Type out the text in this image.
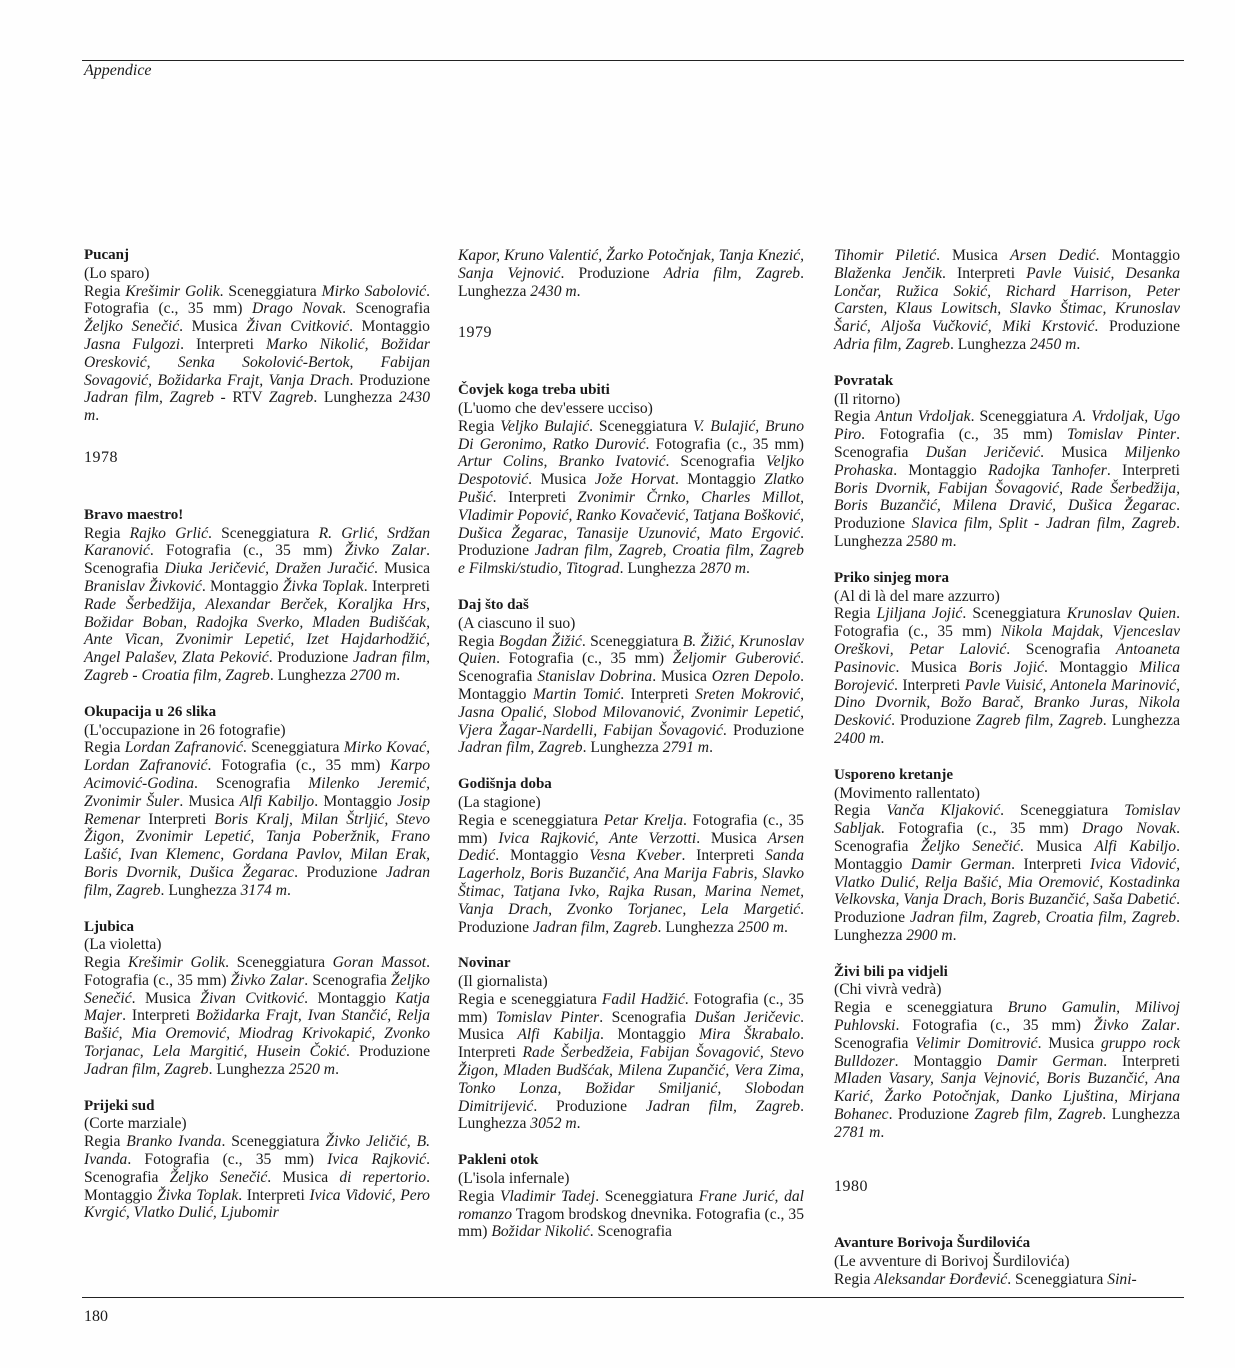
Appendice
Pucanj
(Lo sparo)
Regia Krešimir Golik. Sceneggiatura Mirko Sabolović. Fotografia (c., 35 mm) Drago Novak. Scenografia Željko Senečić. Musica Živan Cvitković. Montaggio Jasna Fulgozi. Interpreti Marko Nikolić, Božidar Oresković, Senka Sokolović-Bertok, Fabijan Sovagović, Božidarka Frajt, Vanja Drach. Produzione Jadran film, Zagreb - RTV Zagreb. Lunghezza 2430 m.
1978
Bravo maestro!
Regia Rajko Grlić. Sceneggiatura R. Grlić, Srdžan Karanović. Fotografia (c., 35 mm) Živko Zalar. Scenografia Diuka Jeričević, Dražen Juračić. Musica Branislav Živković. Montaggio Živka Toplak. Interpreti Rade Šerbedžija, Alexandar Berček, Koraljka Hrs, Božidar Boban, Radojka Sverko, Mladen Budišćak, Ante Vican, Zvonimir Lepetić, Izet Hajdarhodžić, Angel Palašev, Zlata Peković. Produzione Jadran film, Zagreb - Croatia film, Zagreb. Lunghezza 2700 m.
Okupacija u 26 slika
(L'occupazione in 26 fotografie)
Regia Lordan Zafranović. Sceneggiatura Mirko Kovać, Lordan Zafranović. Fotografia (c., 35 mm) Karpo Acimović-Godina. Scenografia Milenko Jeremić, Zvonimir Šuler. Musica Alfi Kabiljo. Montaggio Josip Remenar Interpreti Boris Kralj, Milan Štrljić, Stevo Žigon, Zvonimir Lepetić, Tanja Poberžnik, Frano Lašić, Ivan Klemenc, Gordana Pavlov, Milan Erak, Boris Dvornik, Dušica Žegarac. Produzione Jadran film, Zagreb. Lunghezza 3174 m.
Ljubica
(La violetta)
Regia Krešimir Golik. Sceneggiatura Goran Massot. Fotografia (c., 35 mm) Živko Zalar. Scenografia Željko Senečić. Musica Živan Cvitković. Montaggio Katja Majer. Interpreti Božidarka Frajt, Ivan Stančić, Relja Bašić, Mia Oremović, Miodrag Krivokapić, Zvonko Torjanac, Lela Margitić, Husein Čokić. Produzione Jadran film, Zagreb. Lunghezza 2520 m.
Prijeki sud
(Corte marziale)
Regia Branko Ivanda. Sceneggiatura Živko Jeličić, B. Ivanda. Fotografia (c., 35 mm) Ivica Rajković. Scenografia Željko Senečić. Musica di repertorio. Montaggio Živka Toplak. Interpreti Ivica Vidović, Pero Kvrgić, Vlatko Dulić, Ljubomir
Kapor, Kruno Valentić, Žarko Potočnjak, Tanja Knezić, Sanja Vejnović. Produzione Adria film, Zagreb. Lunghezza 2430 m.
1979
Čovjek koga treba ubiti
(L'uomo che dev'essere ucciso)
Regia Veljko Bulajić. Sceneggiatura V. Bulajić, Bruno Di Geronimo, Ratko Durović. Fotografia (c., 35 mm) Artur Colins, Branko Ivatović. Scenografia Veljko Despotović. Musica Jože Horvat. Montaggio Zlatko Pušić. Interpreti Zvonimir Črnko, Charles Millot, Vladimir Popović, Ranko Kovačević, Tatjana Bošković, Dušica Žegarac, Tanasije Uzunović, Mato Ergović. Produzione Jadran film, Zagreb, Croatia film, Zagreb e Filmski/studio, Titograd. Lunghezza 2870 m.
Daj što daš
(A ciascuno il suo)
Regia Bogdan Žižić. Sceneggiatura B. Žižić, Krunoslav Quien. Fotografia (c., 35 mm) Željomir Guberović. Scenografia Stanislav Dobrina. Musica Ozren Depolo. Montaggio Martin Tomić. Interpreti Sreten Mokrović, Jasna Opalić, Slobod Milovanović, Zvonimir Lepetić, Vjera Žagar-Nardelli, Fabijan Šovagović. Produzione Jadran film, Zagreb. Lunghezza 2791 m.
Godišnja doba
(La stagione)
Regia e sceneggiatura Petar Krelja. Fotografia (c., 35 mm) Ivica Rajković, Ante Verzotti. Musica Arsen Dedić. Montaggio Vesna Kveber. Interpreti Sanda Lagerholz, Boris Buzančić, Ana Marija Fabris, Slavko Štimac, Tatjana Ivko, Rajka Rusan, Marina Nemet, Vanja Drach, Zvonko Torjanec, Lela Margetić. Produzione Jadran film, Zagreb. Lunghezza 2500 m.
Novinar
(Il giornalista)
Regia e sceneggiatura Fadil Hadžić. Fotografia (c., 35 mm) Tomislav Pinter. Scenografia Dušan Jeričevic. Musica Alfi Kabilja. Montaggio Mira Škrabalo. Interpreti Rade Šerbedžeia, Fabijan Šovagović, Stevo Žigon, Mladen Budšćak, Milena Zupančić, Vera Zima, Tonko Lonza, Božidar Smiljanić, Slobodan Dimitrijević. Produzione Jadran film, Zagreb. Lunghezza 3052 m.
Pakleni otok
(L'isola infernale)
Regia Vladimir Tadej. Sceneggiatura Frane Jurić, dal romanzo Tragom brodskog dnevnika. Fotografia (c., 35 mm) Božidar Nikolić. Scenografia
Tihomir Piletić. Musica Arsen Dedić. Montaggio Blaženka Jenčik. Interpreti Pavle Vuisić, Desanka Lončar, Ružica Sokić, Richard Harrison, Peter Carsten, Klaus Lowitsch, Slavko Štimac, Krunoslav Šarić, Aljoša Vučković, Miki Krstović. Produzione Adria film, Zagreb. Lunghezza 2450 m.
Povratak
(Il ritorno)
Regia Antun Vrdoljak. Sceneggiatura A. Vrdoljak, Ugo Piro. Fotografia (c., 35 mm) Tomislav Pinter. Scenografia Dušan Jeričević. Musica Miljenko Prohaska. Montaggio Radojka Tanhofer. Interpreti Boris Dvornik, Fabijan Šovagović, Rade Šerbedžija, Boris Buzančić, Milena Dravić, Dušica Žegarac. Produzione Slavica film, Split - Jadran film, Zagreb. Lunghezza 2580 m.
Priko sinjeg mora
(Al di là del mare azzurro)
Regia Ljiljana Jojić. Sceneggiatura Krunoslav Quien. Fotografia (c., 35 mm) Nikola Majdak, Vjenceslav Oreškovi, Petar Lalović. Scenografia Antoaneta Pasinovic. Musica Boris Jojić. Montaggio Milica Borojević. Interpreti Pavle Vuisić, Antonela Marinović, Dino Dvornik, Božo Barač, Branko Juras, Nikola Desković. Produzione Zagreb film, Zagreb. Lunghezza 2400 m.
Usporeno kretanje
(Movimento rallentato)
Regia Vanča Kljaković. Sceneggiatura Tomislav Sabljak. Fotografia (c., 35 mm) Drago Novak. Scenografia Željko Senečić. Musica Alfi Kabiljo. Montaggio Damir German. Interpreti Ivica Vidović, Vlatko Dulić, Relja Bašić, Mia Oremović, Kostadinka Velkovska, Vanja Drach, Boris Buzančić, Saša Dabetić. Produzione Jadran film, Zagreb, Croatia film, Zagreb. Lunghezza 2900 m.
Živi bili pa vidjeli
(Chi vivrà vedrà)
Regia e sceneggiatura Bruno Gamulin, Milivoj Puhlovski. Fotografia (c., 35 mm) Živko Zalar. Scenografia Velimir Domitrović. Musica gruppo rock Bulldozer. Montaggio Damir German. Interpreti Mladen Vasary, Sanja Vejnović, Boris Buzančić, Ana Karić, Žarko Potočnjak, Danko Ljuština, Mirjana Bohanec. Produzione Zagreb film, Zagreb. Lunghezza 2781 m.
1980
Avanture Borivoja Šurdilovića
(Le avventure di Borivoj Šurdilovića)
Regia Aleksandar Đorđević. Sceneggiatura Sini-
180
